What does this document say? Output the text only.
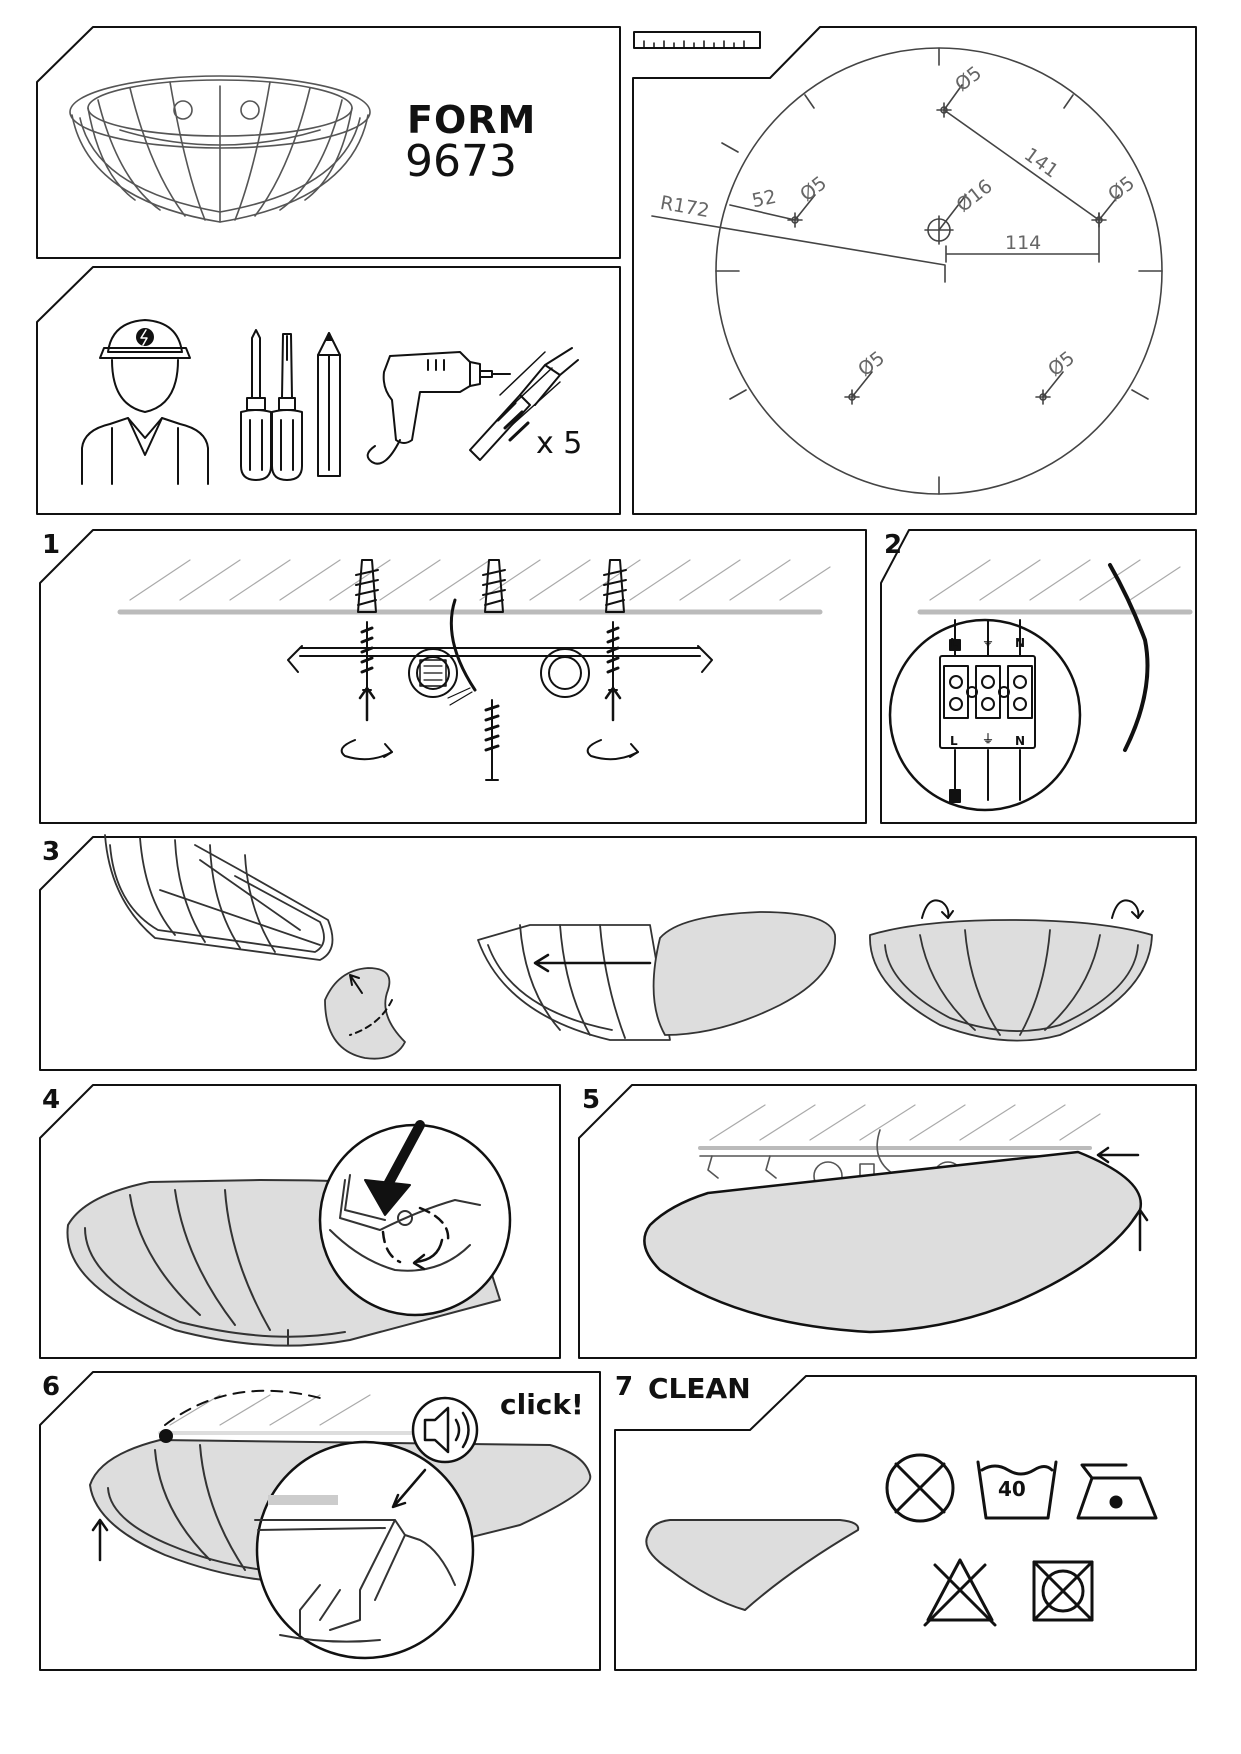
FORM

9673

x 5

R172 52 Ø5

Ø5

Ø16

141

Ø5

114

Ø5	Ø5

1	2

3

4	5

6	7 CLEAN

L ⏚ N

L ⏚ N

click!

40
